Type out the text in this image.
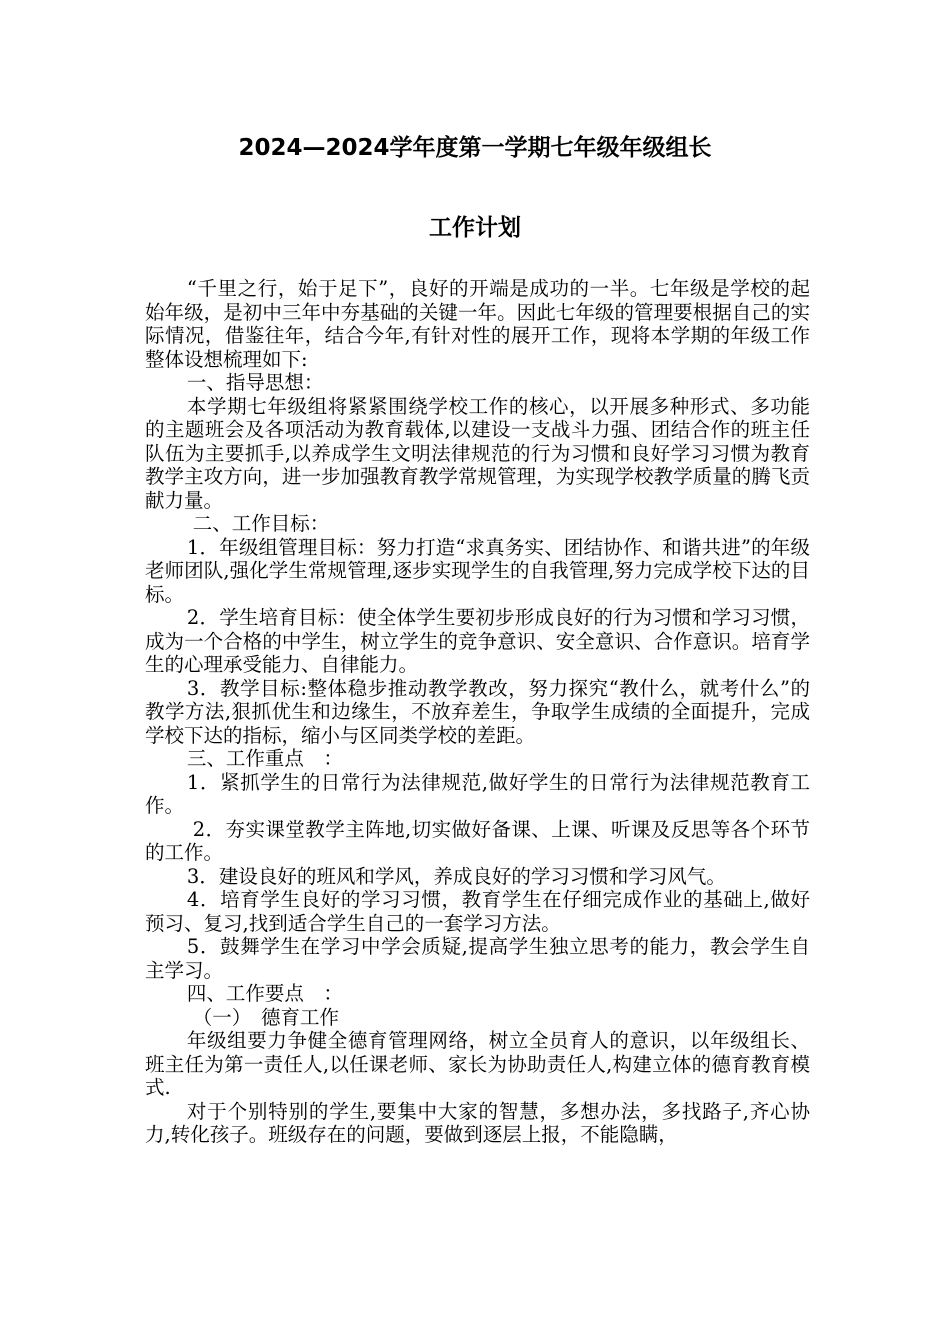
2024—2024学年度第一学期七年级年级组长
工作计划

“千里之行，始于足下”，良好的开端是成功的一半。七年级是学校的起始年级，是初中三年中夯基础的关键一年。因此七年级的管理要根据自己的实际情况，借鉴往年，结合今年,有针对性的展开工作，现将本学期的年级工作整体设想梳理如下:

一、指导思想：

本学期七年级组将紧紧围绕学校工作的核心，以开展多种形式、多功能的主题班会及各项活动为教育载体,以建设一支战斗力强、团结合作的班主任队伍为主要抓手,以养成学生文明法律规范的行为习惯和良好学习习惯为教育教学主攻方向，进一步加强教育教学常规管理，为实现学校教学质量的腾飞贡献力量。

二、工作目标：

1．年级组管理目标：努力打造“求真务实、团结协作、和谐共进”的年级老师团队,强化学生常规管理,逐步实现学生的自我管理,努力完成学校下达的目标。

2．学生培育目标：使全体学生要初步形成良好的行为习惯和学习习惯，成为一个合格的中学生，树立学生的竞争意识、安全意识、合作意识。培育学生的心理承受能力、自律能力。

3．教学目标:整体稳步推动教学教改，努力探究“教什么，就考什么”的教学方法,狠抓优生和边缘生，不放弃差生，争取学生成绩的全面提升，完成学校下达的指标，缩小与区同类学校的差距。

三、工作重点　：

1．紧抓学生的日常行为法律规范,做好学生的日常行为法律规范教育工作。

2．夯实课堂教学主阵地,切实做好备课、上课、听课及反思等各个环节的工作。

3．建设良好的班风和学风，养成良好的学习习惯和学习风气。

4．培育学生良好的学习习惯，教育学生在仔细完成作业的基础上,做好预习、复习,找到适合学生自己的一套学习方法。

5．鼓舞学生在学习中学会质疑,提高学生独立思考的能力，教会学生自主学习。

四、工作要点　：

（一）　德育工作

年级组要力争健全德育管理网络，树立全员育人的意识，以年级组长、班主任为第一责任人,以任课老师、家长为协助责任人,构建立体的德育教育模式.

对于个别特别的学生,要集中大家的智慧，多想办法，多找路子,齐心协力,转化孩子。班级存在的问题，要做到逐层上报，不能隐瞒，
